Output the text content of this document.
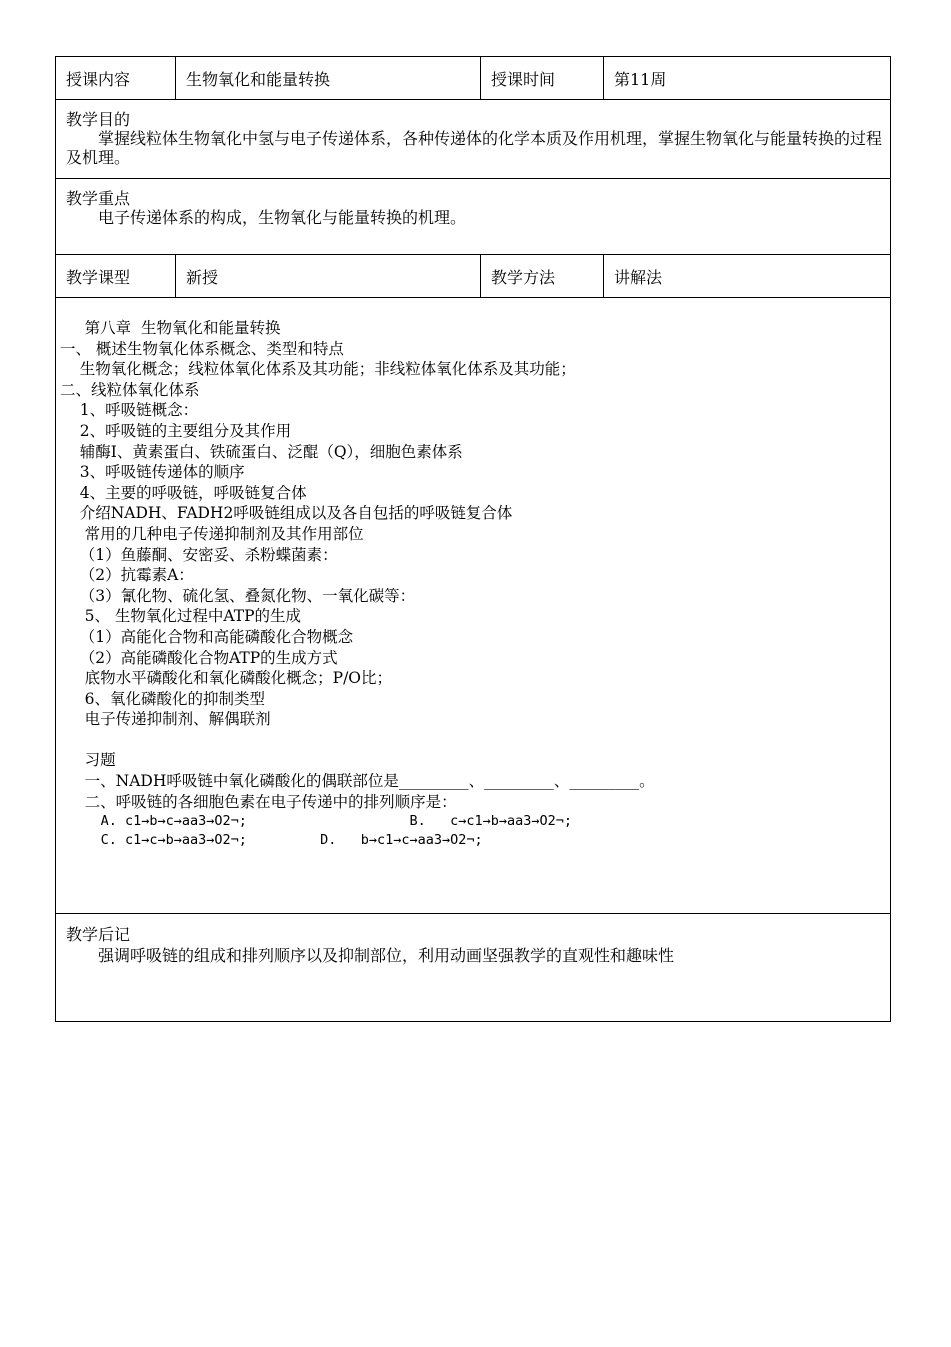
授课内容	生物氧化和能量转换	授课时间	第11周
教学目的
掌握线粒体生物氧化中氢与电子传递体系，各种传递体的化学本质及作用机理，掌握生物氧化与能量转换的过程及机理。
教学重点
电子传递体系的构成，生物氧化与能量转换的机理。
教学课型	新授	教学方法	讲解法
第八章  生物氧化和能量转换
一、 概述生物氧化体系概念、类型和特点
生物氧化概念；线粒体氧化体系及其功能；非线粒体氧化体系及其功能；
二、线粒体氧化体系
1、呼吸链概念：
2、呼吸链的主要组分及其作用
辅酶Ⅰ、黄素蛋白、铁硫蛋白、泛醌（Q），细胞色素体系
3、呼吸链传递体的顺序
4、主要的呼吸链，呼吸链复合体
介绍NADH、FADH2呼吸链组成以及各自包括的呼吸链复合体
常用的几种电子传递抑制剂及其作用部位
（1）鱼藤酮、安密妥、杀粉蝶菌素：
（2）抗霉素A：
（3）氰化物、硫化氢、叠氮化物、一氧化碳等：
5、 生物氧化过程中ATP的生成
（1）高能化合物和高能磷酸化合物概念
（2）高能磷酸化合物ATP的生成方式
底物水平磷酸化和氧化磷酸化概念；P/O比；
6、氧化磷酸化的抑制类型
电子传递抑制剂、解偶联剂

习题
一、NADH呼吸链中氧化磷酸化的偶联部位是_________、_________、_________。
二、呼吸链的各细胞色素在电子传递中的排列顺序是：
A. c1→b→c→aa3→O2¬;                    B.   c→c1→b→aa3→O2¬;
C. c1→c→b→aa3→O2¬;         D.   b→c1→c→aa3→O2¬;
教学后记
强调呼吸链的组成和排列顺序以及抑制部位，利用动画坚强教学的直观性和趣味性
